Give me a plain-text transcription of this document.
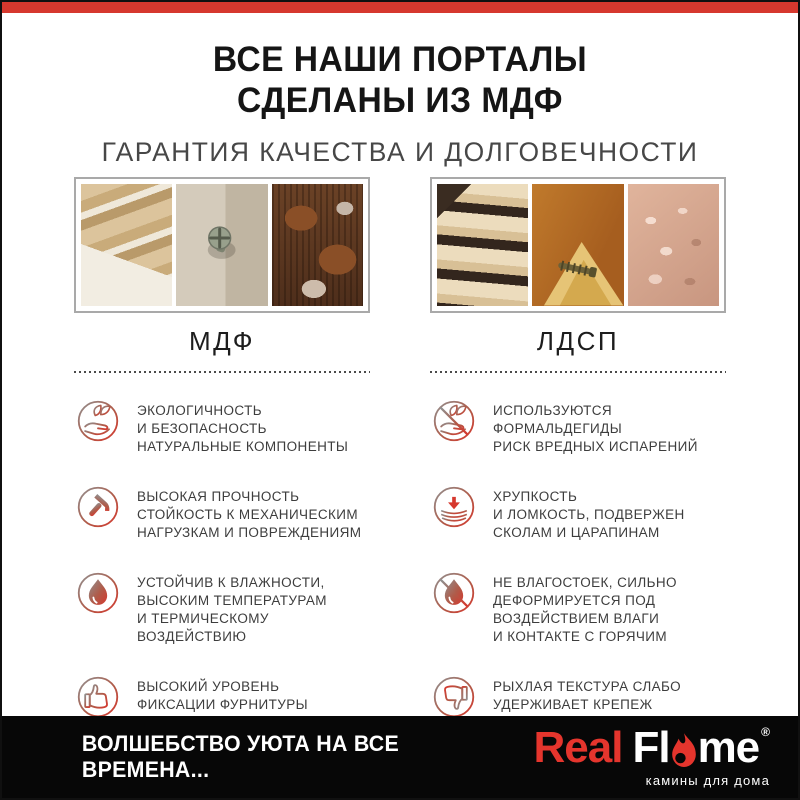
ВСЕ НАШИ ПОРТАЛЫ
СДЕЛАНЫ ИЗ МДФ
ГАРАНТИЯ КАЧЕСТВА И ДОЛГОВЕЧНОСТИ
МДФ
ЭКОЛОГИЧНОСТЬ
И БЕЗОПАСНОСТЬ
НАТУРАЛЬНЫЕ КОМПОНЕНТЫ
ВЫСОКАЯ ПРОЧНОСТЬ
СТОЙКОСТЬ К МЕХАНИЧЕСКИМ
НАГРУЗКАМ И ПОВРЕЖДЕНИЯМ
УСТОЙЧИВ К ВЛАЖНОСТИ,
ВЫСОКИМ ТЕМПЕРАТУРАМ
И ТЕРМИЧЕСКОМУ ВОЗДЕЙСТВИЮ
ВЫСОКИЙ УРОВЕНЬ
ФИКСАЦИИ ФУРНИТУРЫ
ЛДСП
ИСПОЛЬЗУЮТСЯ
ФОРМАЛЬДЕГИДЫ
РИСК ВРЕДНЫХ ИСПАРЕНИЙ
ХРУПКОСТЬ
И ЛОМКОСТЬ, ПОДВЕРЖЕН
СКОЛАМ И ЦАРАПИНАМ
НЕ ВЛАГОСТОЕК, СИЛЬНО
ДЕФОРМИРУЕТСЯ ПОД
ВОЗДЕЙСТВИЕМ ВЛАГИ
И КОНТАКТЕ С ГОРЯЧИМ
РЫХЛАЯ ТЕКСТУРА СЛАБО
УДЕРЖИВАЕТ КРЕПЕЖ
ВОЛШЕБСТВО УЮТА НА ВСЕ ВРЕМЕНА...	Real Fl me ®
камины для дома
